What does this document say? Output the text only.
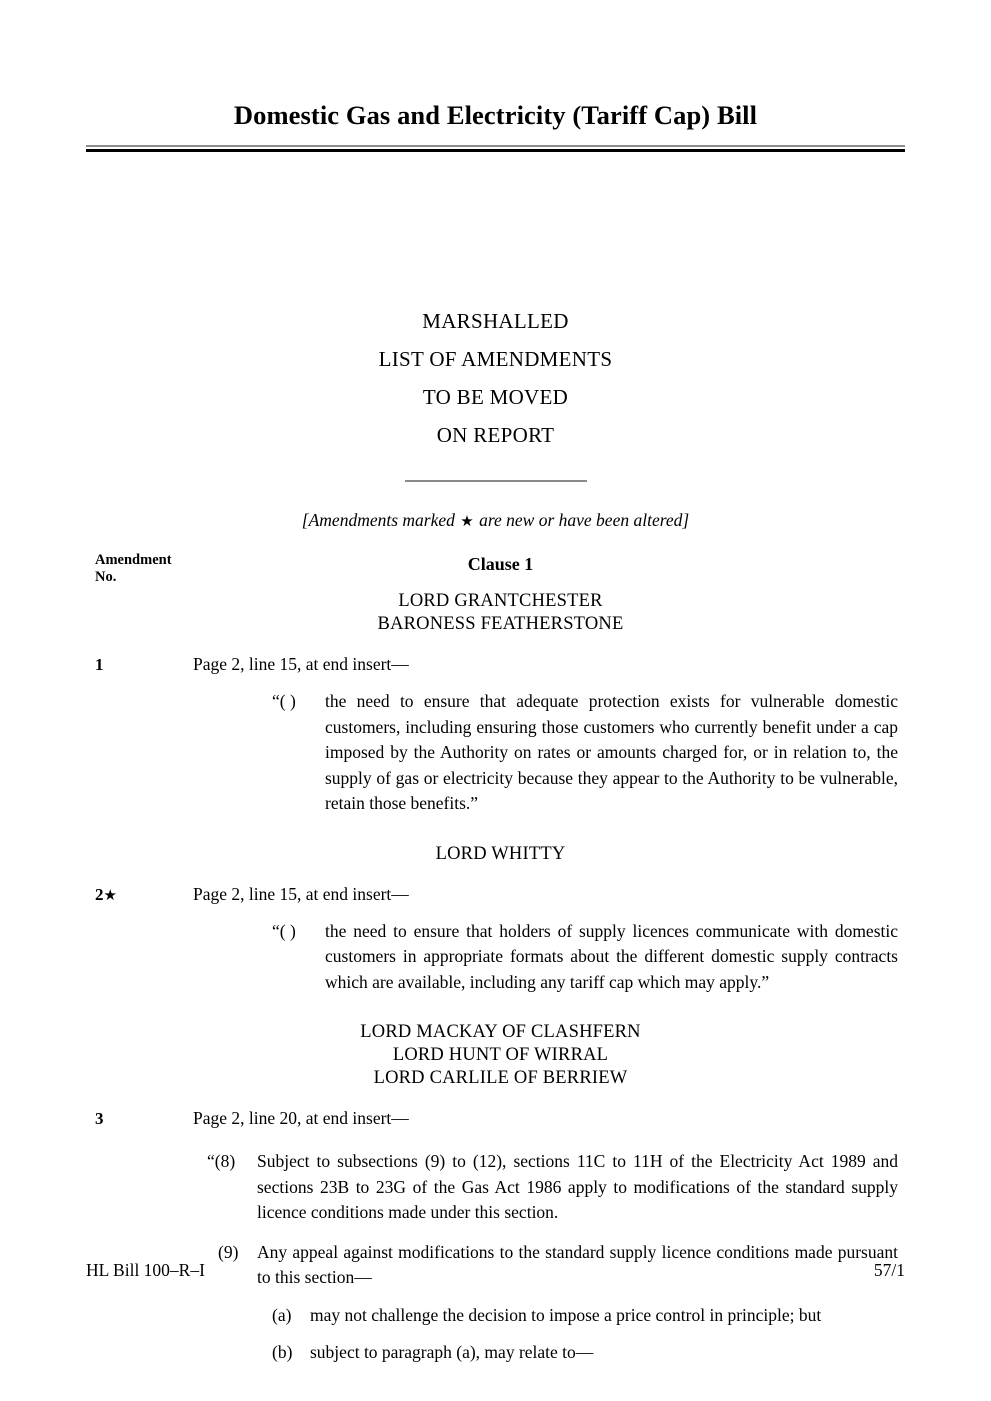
Domestic Gas and Electricity (Tariff Cap) Bill
MARSHALLED
LIST OF AMENDMENTS
TO BE MOVED
ON REPORT
[Amendments marked ★ are new or have been altered]
Amendment
No.
Clause 1
LORD GRANTCHESTER
BARONESS FEATHERSTONE
1	Page 2, line 15, at end insert—
“( )	the need to ensure that adequate protection exists for vulnerable domestic customers, including ensuring those customers who currently benefit under a cap imposed by the Authority on rates or amounts charged for, or in relation to, the supply of gas or electricity because they appear to the Authority to be vulnerable, retain those benefits.”
LORD WHITTY
2★	Page 2, line 15, at end insert—
“( )	the need to ensure that holders of supply licences communicate with domestic customers in appropriate formats about the different domestic supply contracts which are available, including any tariff cap which may apply.”
LORD MACKAY OF CLASHFERN
LORD HUNT OF WIRRAL
LORD CARLILE OF BERRIEW
3	Page 2, line 20, at end insert—
“(8)	Subject to subsections (9) to (12), sections 11C to 11H of the Electricity Act 1989 and sections 23B to 23G of the Gas Act 1986 apply to modifications of the standard supply licence conditions made under this section.
(9)	Any appeal against modifications to the standard supply licence conditions made pursuant to this section—
(a)	may not challenge the decision to impose a price control in principle; but
(b)	subject to paragraph (a), may relate to—
HL Bill 100‒R‒I	57/1
